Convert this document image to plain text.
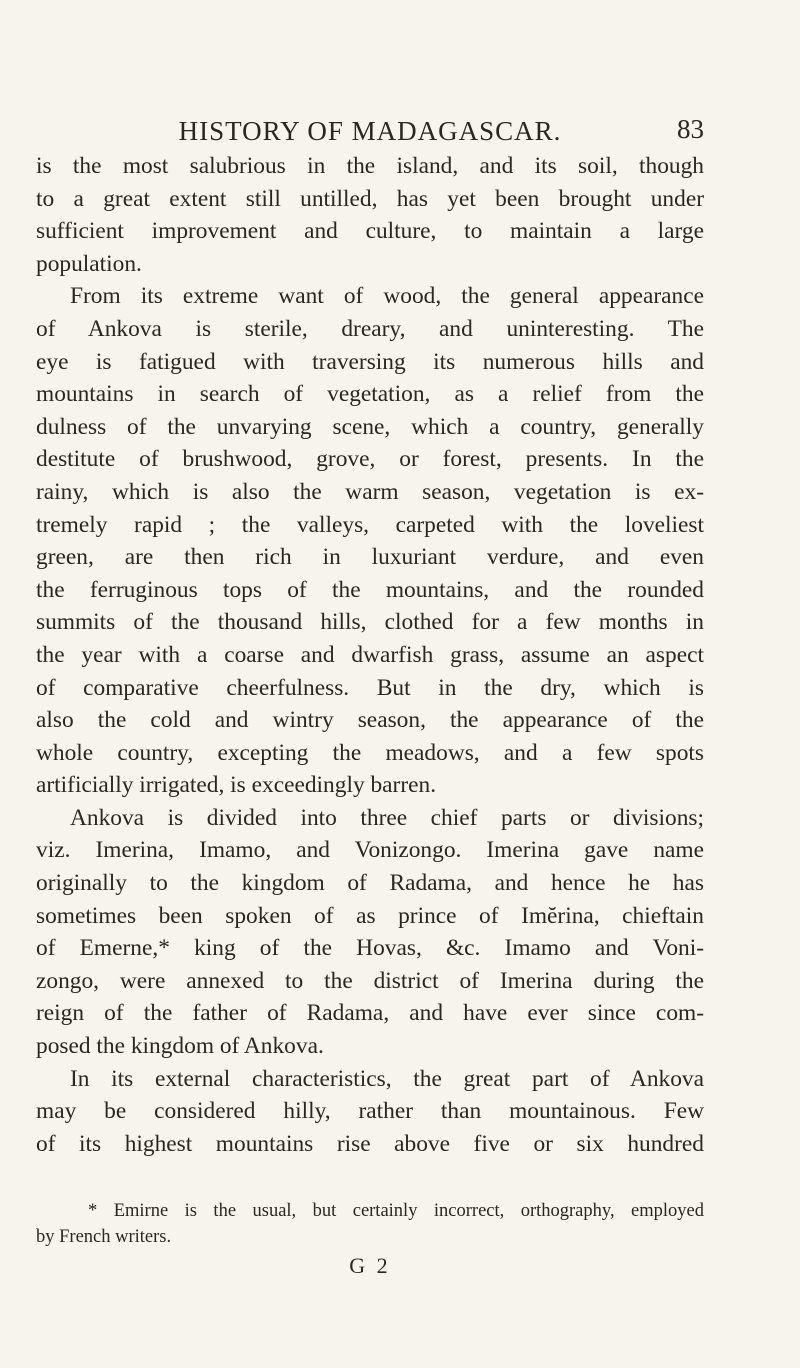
HISTORY OF MADAGASCAR.	83
is the most salubrious in the island, and its soil, though
to a great extent still untilled, has yet been brought under
sufficient improvement and culture, to maintain a large
population.
From its extreme want of wood, the general appearance
of Ankova is sterile, dreary, and uninteresting. The
eye is fatigued with traversing its numerous hills and
mountains in search of vegetation, as a relief from the
dulness of the unvarying scene, which a country, generally
destitute of brushwood, grove, or forest, presents. In the
rainy, which is also the warm season, vegetation is ex-
tremely rapid ; the valleys, carpeted with the loveliest
green, are then rich in luxuriant verdure, and even
the ferruginous tops of the mountains, and the rounded
summits of the thousand hills, clothed for a few months in
the year with a coarse and dwarfish grass, assume an aspect
of comparative cheerfulness. But in the dry, which is
also the cold and wintry season, the appearance of the
whole country, excepting the meadows, and a few spots
artificially irrigated, is exceedingly barren.
Ankova is divided into three chief parts or divisions;
viz. Imerina, Imamo, and Vonizongo. Imerina gave name
originally to the kingdom of Radama, and hence he has
sometimes been spoken of as prince of Imĕrina, chieftain
of Emerne,* king of the Hovas, &c. Imamo and Voni-
zongo, were annexed to the district of Imerina during the
reign of the father of Radama, and have ever since com-
posed the kingdom of Ankova.
In its external characteristics, the great part of Ankova
may be considered hilly, rather than mountainous. Few
of its highest mountains rise above five or six hundred
* Emirne is the usual, but certainly incorrect, orthography, employed
by French writers.
G 2
